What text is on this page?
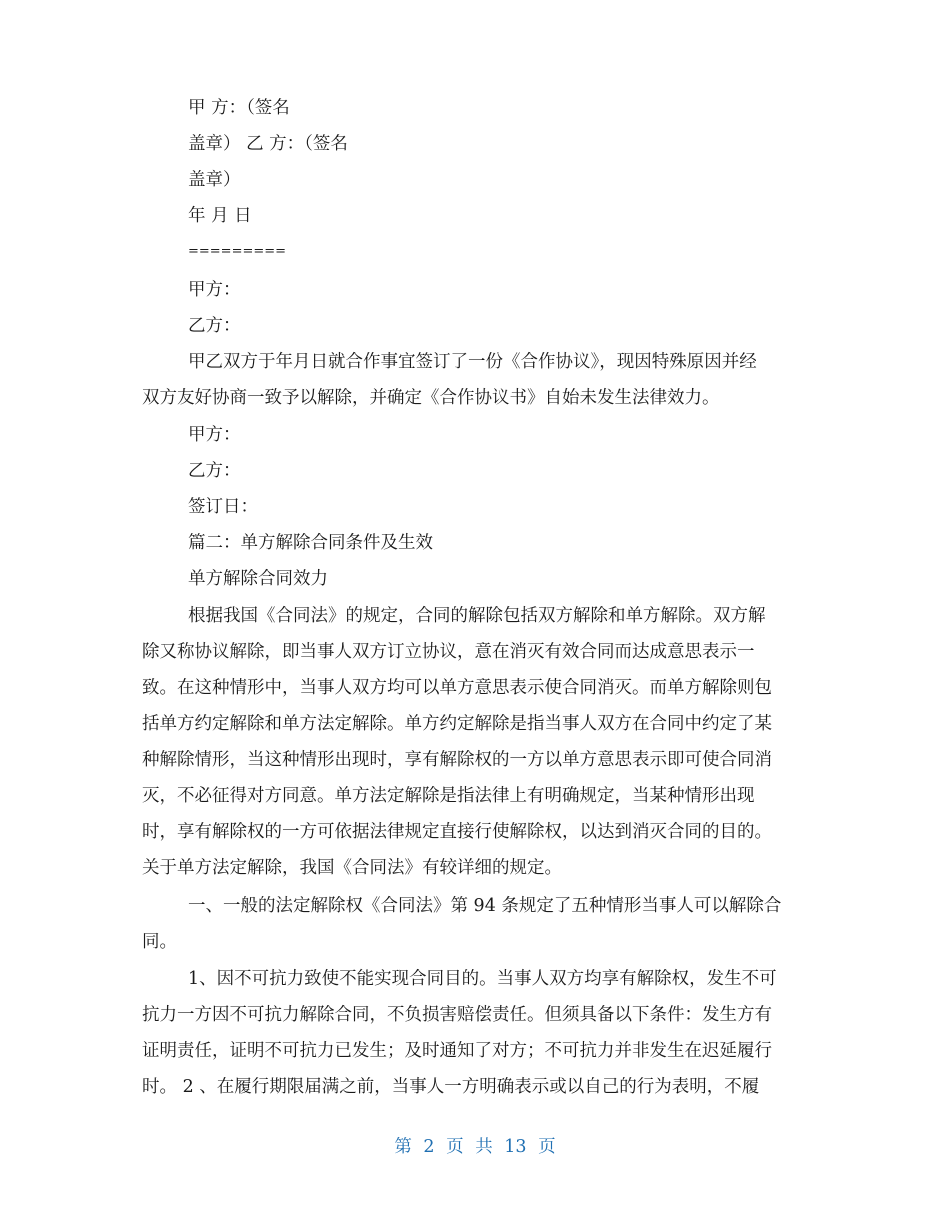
甲 方：（签名

盖章） 乙 方：（签名

盖章）

年 月 日

=========

甲方：

乙方：

甲乙双方于年月日就合作事宜签订了一份《合作协议》，现因特殊原因并经

双方友好协商一致予以解除，并确定《合作协议书》自始未发生法律效力。

甲方：

乙方：

签订日：

篇二：单方解除合同条件及生效

单方解除合同效力

根据我国《合同法》的规定，合同的解除包括双方解除和单方解除。双方解

除又称协议解除，即当事人双方订立协议，意在消灭有效合同而达成意思表示一

致。在这种情形中，当事人双方均可以单方意思表示使合同消灭。而单方解除则包

括单方约定解除和单方法定解除。单方约定解除是指当事人双方在合同中约定了某

种解除情形，当这种情形出现时，享有解除权的一方以单方意思表示即可使合同消

灭，不必征得对方同意。单方法定解除是指法律上有明确规定，当某种情形出现

时，享有解除权的一方可依据法律规定直接行使解除权，以达到消灭合同的目的。

关于单方法定解除，我国《合同法》有较详细的规定。

一、一般的法定解除权《合同法》第 94 条规定了五种情形当事人可以解除合

同。

1、因不可抗力致使不能实现合同目的。当事人双方均享有解除权，发生不可

抗力一方因不可抗力解除合同，不负损害赔偿责任。但须具备以下条件：发生方有

证明责任，证明不可抗力已发生；及时通知了对方；不可抗力并非发生在迟延履行

时。 2 、在履行期限届满之前，当事人一方明确表示或以自己的行为表明，不履

第 2 页 共 13 页
